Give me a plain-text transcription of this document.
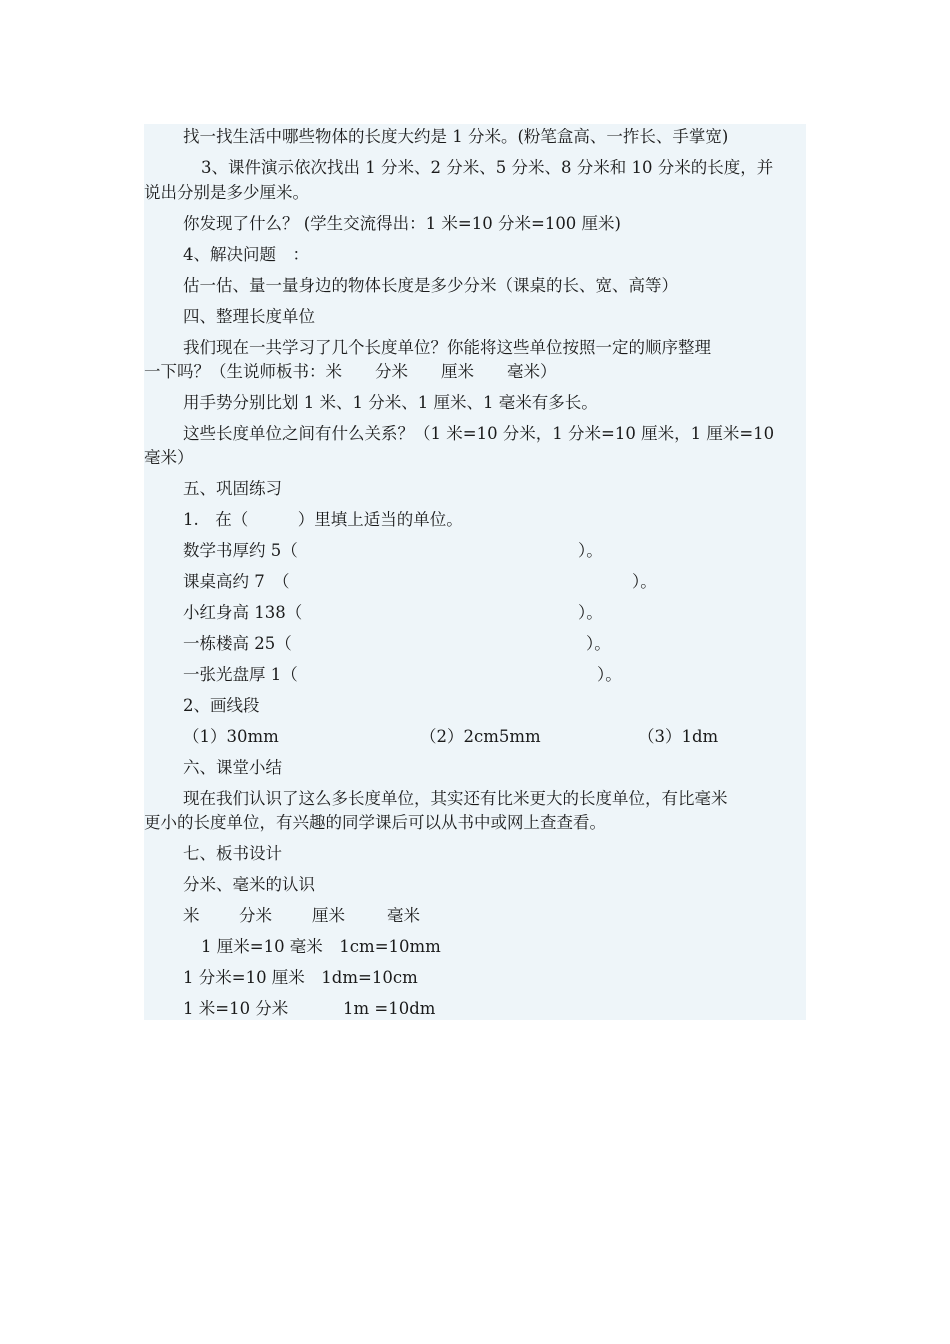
找一找生活中哪些物体的长度大约是 1 分米。(粉笔盒高、一拃长、手掌宽)
3、课件演示依次找出 1 分米、2 分米、5 分米、8 分米和 10 分米的长度，并
说出分别是多少厘米。
你发现了什么？ (学生交流得出：1 米=10 分米=100 厘米)
4、解决问题　：
估一估、量一量身边的物体长度是多少分米（课桌的长、宽、高等）
四、整理长度单位
我们现在一共学习了几个长度单位？你能将这些单位按照一定的顺序整理
一下吗？（生说师板书：米　　分米　　厘米　　毫米）
用手势分别比划 1 米、1 分米、1 厘米、1 毫米有多长。
这些长度单位之间有什么关系？（1 米=10 分米，1 分米=10 厘米，1 厘米=10
毫米）
五、巩固练习
1.　在（　　　）里填上适当的单位。
数学书厚约 5（	）。
课桌高约 7　（	）。
小红身高 138（	）。
一栋楼高 25（	）。
一张光盘厚 1（	）。
2、画线段
（1）30mm	（2）2cm5mm	（3）1dm
六、课堂小结
现在我们认识了这么多长度单位，其实还有比米更大的长度单位，有比毫米
更小的长度单位，有兴趣的同学课后可以从书中或网上查查看。
七、板书设计
分米、毫米的认识
米 分米 厘米	毫米
1 厘米=10 毫米　1cm=10mm
1 分米=10 厘米　1dm=10cm
1 米=10 分米	1m =10dm
